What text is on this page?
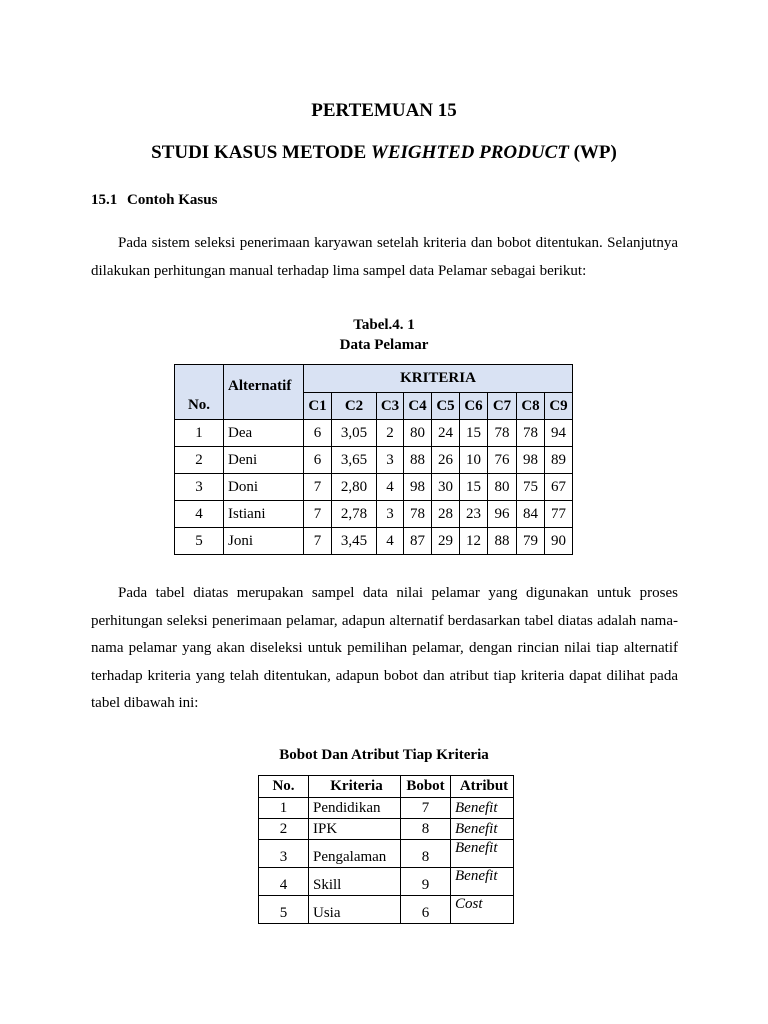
PERTEMUAN 15
STUDI KASUS METODE WEIGHTED PRODUCT (WP)
15.1 Contoh Kasus
Pada sistem seleksi penerimaan karyawan setelah kriteria dan bobot ditentukan. Selanjutnya dilakukan perhitungan manual terhadap lima sampel data Pelamar sebagai berikut:
Tabel.4. 1
Data Pelamar
No.	Alternatif	KRITERIA								
		C1	C2	C3	C4	C5	C6	C7	C8	C9
1	Dea	6	3,05	2	80	24	15	78	78	94
2	Deni	6	3,65	3	88	26	10	76	98	89
3	Doni	7	2,80	4	98	30	15	80	75	67
4	Istiani	7	2,78	3	78	28	23	96	84	77
5	Joni	7	3,45	4	87	29	12	88	79	90
Pada tabel diatas merupakan sampel data nilai pelamar yang digunakan untuk proses perhitungan seleksi penerimaan pelamar, adapun alternatif berdasarkan tabel diatas adalah nama-nama pelamar yang akan diseleksi untuk pemilihan pelamar, dengan rincian nilai tiap alternatif terhadap kriteria yang telah ditentukan, adapun bobot dan atribut tiap kriteria dapat dilihat pada tabel dibawah ini:
Bobot Dan Atribut Tiap Kriteria
No.	Kriteria	Bobot	Atribut
1	Pendidikan	7	Benefit
2	IPK	8	Benefit
3	Pengalaman	8	Benefit
4	Skill	9	Benefit
5	Usia	6	Cost
